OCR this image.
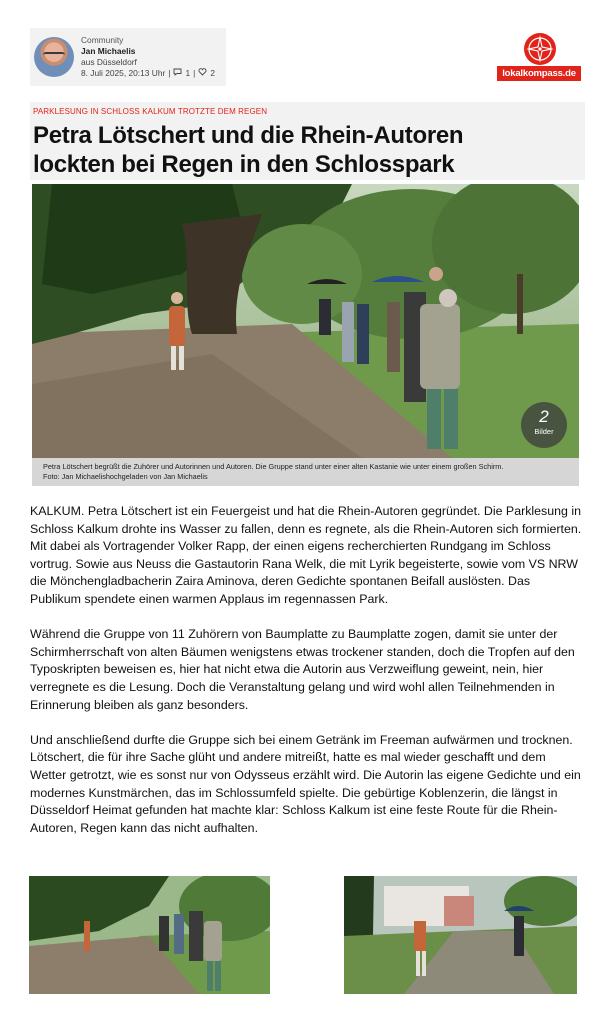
Community
Jan Michaelis
aus Düsseldorf
8. Juli 2025, 20:13 Uhr | 1 | 2	lokalkompass.de
PARKLESUNG IN SCHLOSS KALKUM TROTZTE DEM REGEN
Petra Lötschert und die Rhein-Autoren
lockten bei Regen in den Schlosspark
2
Bilder
Petra Lötschert begrüßt die Zuhörer und Autorinnen und Autoren. Die Gruppe stand unter einer alten Kastanie wie unter einem großen Schirm.
Foto: Jan Michaelishochgeladen von Jan Michaelis

KALKUM. Petra Lötschert ist ein Feuergeist und hat die Rhein-Autoren gegründet. Die Parklesung in Schloss Kalkum drohte ins Wasser zu fallen, denn es regnete, als die Rhein-Autoren sich formierten. Mit dabei als Vortragender Volker Rapp, der einen eigens recherchierten Rundgang im Schloss vortrug. Sowie aus Neuss die Gastautorin Rana Welk, die mit Lyrik begeisterte, sowie vom VS NRW die Mönchengladbacherin Zaira Aminova, deren Gedichte spontanen Beifall auslösten. Das Publikum spendete einen warmen Applaus im regennassen Park.

Während die Gruppe von 11 Zuhörern von Baumplatte zu Baumplatte zogen, damit sie unter der Schirmherrschaft von alten Bäumen wenigstens etwas trockener standen, doch die Tropfen auf den Typoskripten beweisen es, hier hat nicht etwa die Autorin aus Verzweiflung geweint, nein, hier verregnete es die Lesung. Doch die Veranstaltung gelang und wird wohl allen Teilnehmenden in Erinnerung bleiben als ganz besonders.

Und anschließend durfte die Gruppe sich bei einem Getränk im Freeman aufwärmen und trocknen. Lötschert, die für ihre Sache glüht und andere mitreißt, hatte es mal wieder geschafft und dem Wetter getrotzt, wie es sonst nur von Odysseus erzählt wird. Die Autorin las eigene Gedichte und ein modernes Kunstmärchen, das im Schlossumfeld spielte. Die gebürtige Koblenzerin, die längst in Düsseldorf Heimat gefunden hat machte klar: Schloss Kalkum ist eine feste Route für die Rhein-Autoren, Regen kann das nicht aufhalten.
